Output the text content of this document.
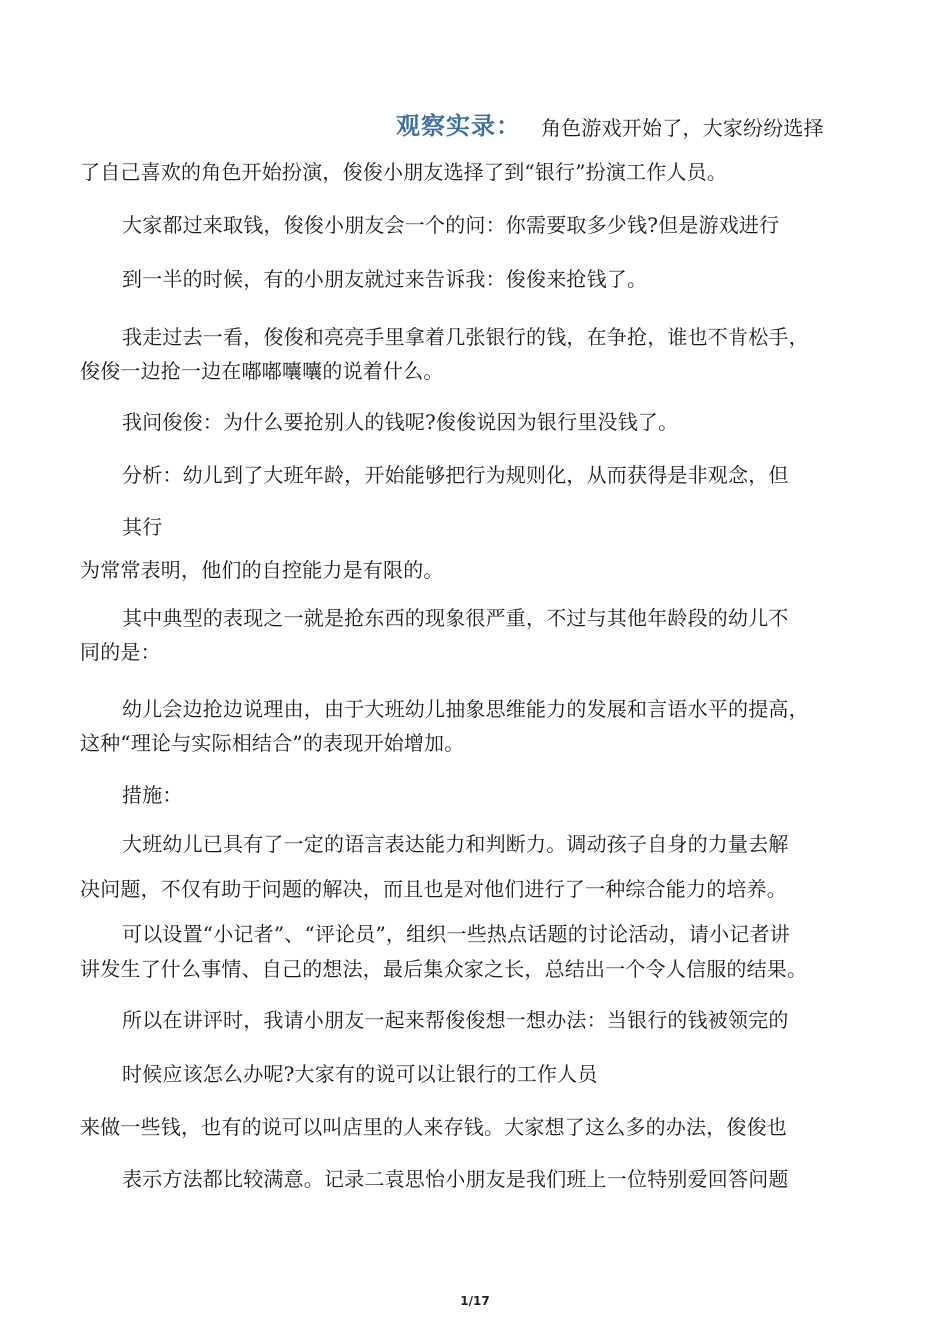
观察实录： 角色游戏开始了，大家纷纷选择

了自己喜欢的角色开始扮演，俊俊小朋友选择了到“银行”扮演工作人员。

大家都过来取钱，俊俊小朋友会一个的问：你需要取多少钱?但是游戏进行

到一半的时候，有的小朋友就过来告诉我：俊俊来抢钱了。

我走过去一看，俊俊和亮亮手里拿着几张银行的钱，在争抢，谁也不肯松手，

俊俊一边抢一边在嘟嘟囔囔的说着什么。

我问俊俊：为什么要抢别人的钱呢?俊俊说因为银行里没钱了。

分析：幼儿到了大班年龄，开始能够把行为规则化，从而获得是非观念，但

其行

为常常表明，他们的自控能力是有限的。

其中典型的表现之一就是抢东西的现象很严重，不过与其他年龄段的幼儿不

同的是：

幼儿会边抢边说理由，由于大班幼儿抽象思维能力的发展和言语水平的提高，

这种“理论与实际相结合”的表现开始增加。

措施：

大班幼儿已具有了一定的语言表达能力和判断力。调动孩子自身的力量去解

决问题，不仅有助于问题的解决，而且也是对他们进行了一种综合能力的培养。

可以设置“小记者”、“评论员”，组织一些热点话题的讨论活动，请小记者讲

讲发生了什么事情、自己的想法，最后集众家之长，总结出一个令人信服的结果。

所以在讲评时，我请小朋友一起来帮俊俊想一想办法：当银行的钱被领完的

时候应该怎么办呢?大家有的说可以让银行的工作人员

来做一些钱，也有的说可以叫店里的人来存钱。大家想了这么多的办法，俊俊也

表示方法都比较满意。记录二袁思怡小朋友是我们班上一位特别爱回答问题

1/17
